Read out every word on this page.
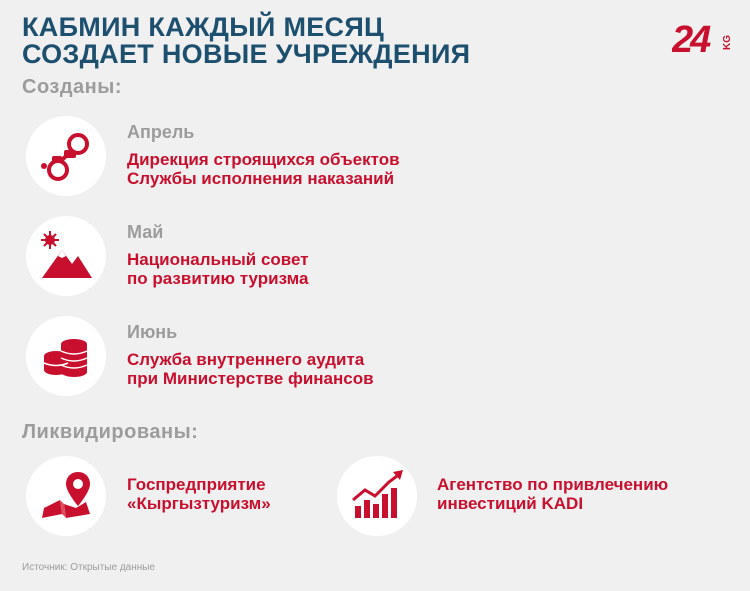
КАБМИН КАЖДЫЙ МЕСЯЦ
СОЗДАЕТ НОВЫЕ УЧРЕЖДЕНИЯ	24 KG
Созданы:
Апрель
Дирекция строящихся объектов
Службы исполнения наказаний
Май
Национальный совет
по развитию туризма
Июнь
Служба внутреннего аудита
при Министерстве финансов
Ликвидированы:
Госпредприятие
«Кыргызтуризм»
Агентство по привлечению
инвестиций KADI
Источник: Открытые данные
